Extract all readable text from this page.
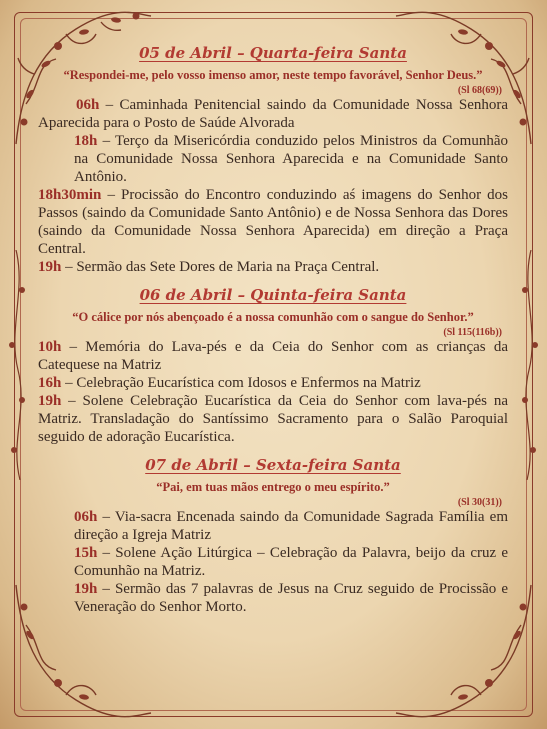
05 de Abril – Quarta-feira Santa

“Respondei-me, pelo vosso imenso amor, neste tempo favorável, Senhor Deus.”

(Sl 68(69))

06h – Caminhada Penitencial saindo da Comunidade Nossa Senhora Aparecida para o Posto de Saúde Alvorada

18h – Terço da Misericórdia conduzido pelos Ministros da Comunhão na Comunidade Nossa Senhora Aparecida e na Comunidade Santo Antônio.

18h30min – Procissão do Encontro conduzindo aś imagens do Senhor dos Passos (saindo da Comunidade Santo Antônio) e de Nossa Senhora das Dores (saindo da Comunidade Nossa Senhora Aparecida) em direção a Praça Central.

19h – Sermão das Sete Dores de Maria na Praça Central.

06 de Abril – Quinta-feira Santa

“O cálice por nós abençoado é a nossa comunhão com o sangue do Senhor.”

(Sl 115(116b))

10h – Memória do Lava-pés e da Ceia do Senhor com as crianças da Catequese na Matriz

16h – Celebração Eucarística com Idosos e Enfermos na Matriz

19h – Solene Celebração Eucarística da Ceia do Senhor com lava-pés na Matriz. Transladação do Santíssimo Sacramento para o Salão Paroquial seguido de adoração Eucarística.

07 de Abril – Sexta-feira Santa

“Pai, em tuas mãos entrego o meu espírito.”

(Sl 30(31))

06h – Via-sacra Encenada saindo da Comunidade Sagrada Família em direção a Igreja Matriz

15h – Solene Ação Litúrgica – Celebração da Palavra, beijo da cruz e Comunhão na Matriz.

19h – Sermão das 7 palavras de Jesus na Cruz seguido de Procissão e Veneração do Senhor Morto.
